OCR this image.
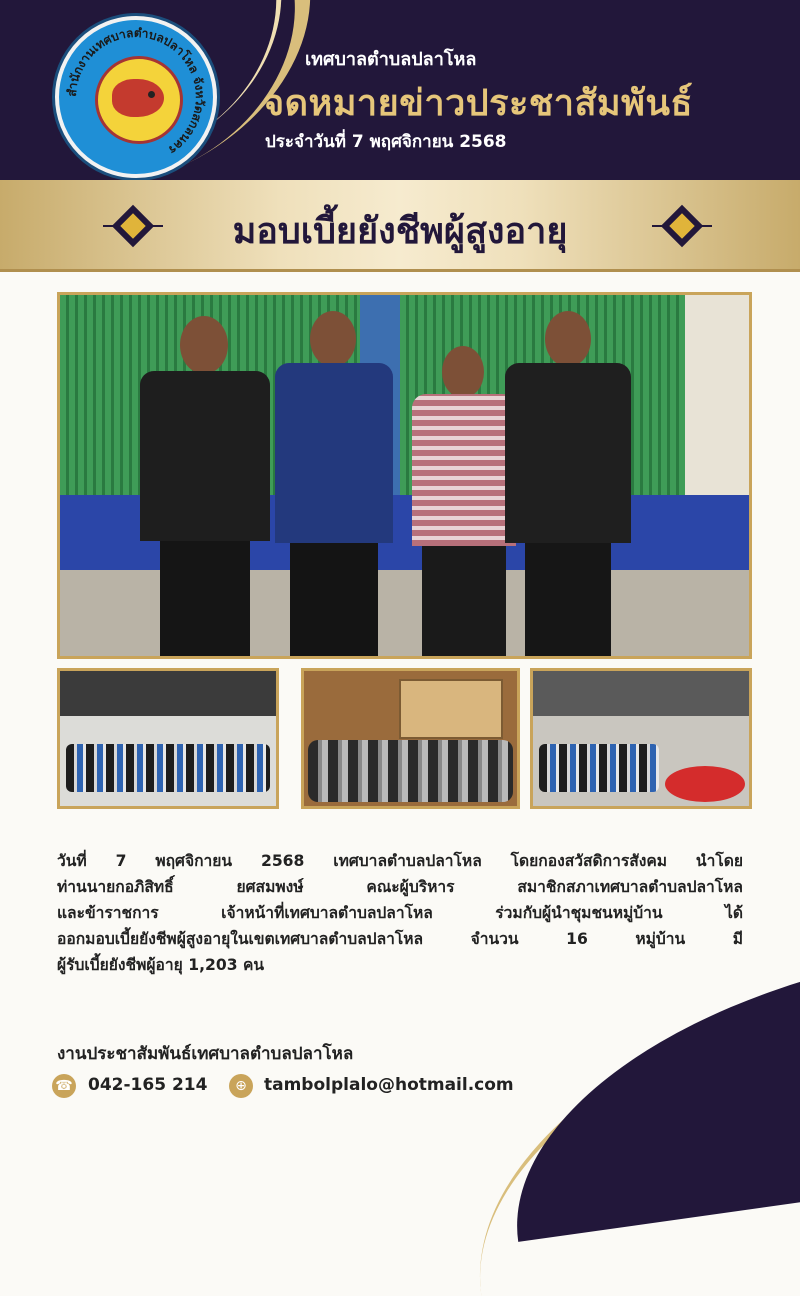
สำนักงานเทศบาลตำบลปลาโหล จังหวัดสกลนคร
เทศบาลตำบลปลาโหล
จดหมายข่าวประชาสัมพันธ์
ประจำวันที่ 7 พฤศจิกายน 2568
มอบเบี้ยยังชีพผู้สูงอายุ
วันที่ 7 พฤศจิกายน 2568 เทศบาลตำบลปลาโหล โดยกองสวัสดิการสังคม นำโดย
ท่านนายกอภิสิทธิ์ ยศสมพงษ์ คณะผู้บริหาร สมาชิกสภาเทศบาลตำบลปลาโหล
และข้าราชการ เจ้าหน้าที่เทศบาลตำบลปลาโหล ร่วมกับผู้นำชุมชนหมู่บ้าน ได้
ออกมอบเบี้ยยังชีพผู้สูงอายุในเขตเทศบาลตำบลปลาโหล จำนวน 16 หมู่บ้าน มี
ผู้รับเบี้ยยังชีพผู้อายุ 1,203 คน
งานประชาสัมพันธ์เทศบาลตำบลปลาโหล
☎ 042-165 214	⊕	tambolplalo@hotmail.com
